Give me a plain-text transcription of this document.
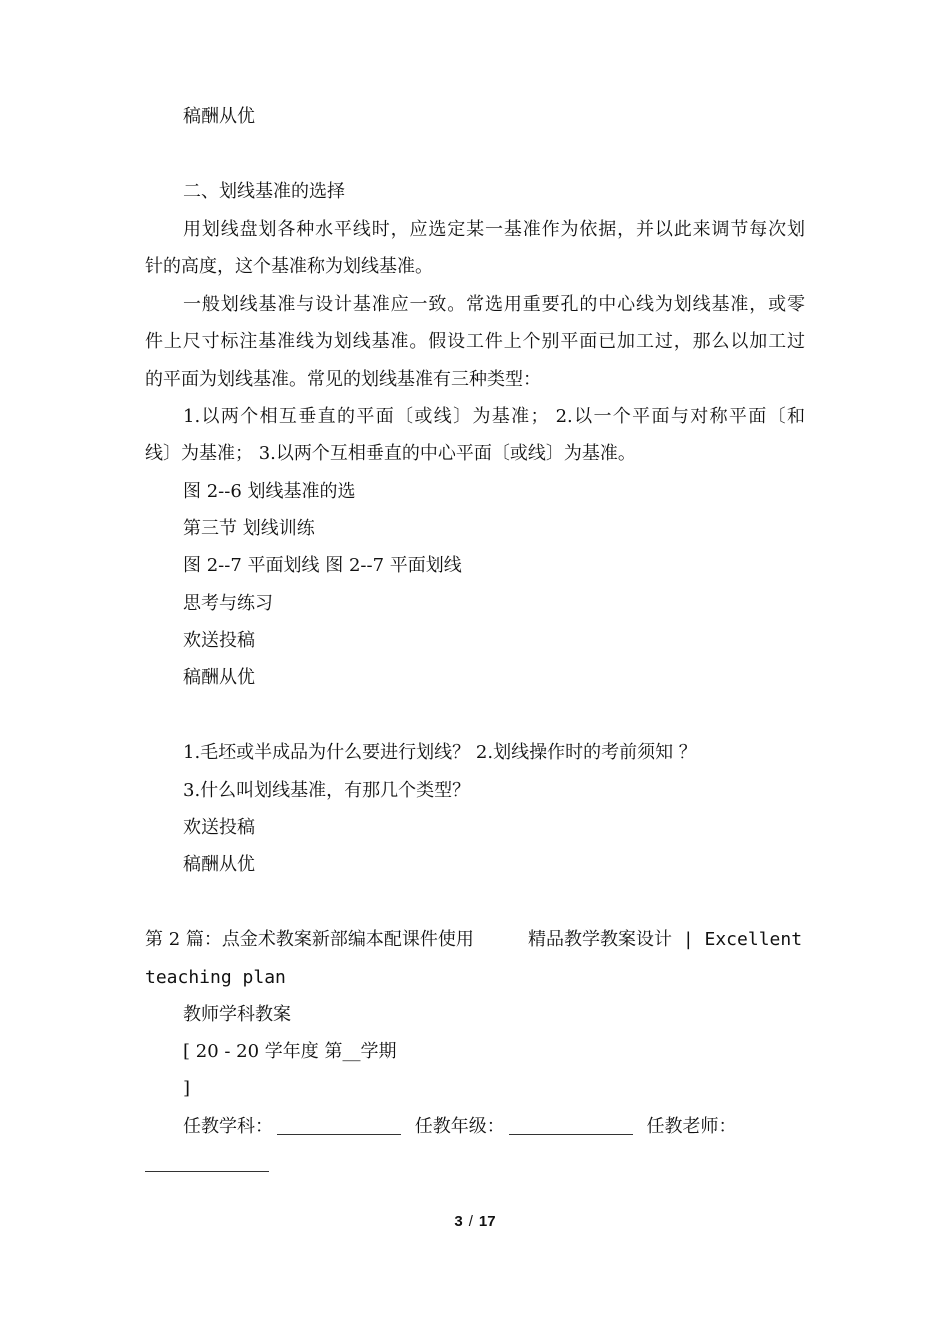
稿酬从优
二、划线基准的选择
用划线盘划各种水平线时，应选定某一基准作为依据，并以此来调节每次划
针的高度，这个基准称为划线基准。
一般划线基准与设计基准应一致。常选用重要孔的中心线为划线基准，或零
件上尺寸标注基准线为划线基准。假设工件上个别平面已加工过，那么以加工过
的平面为划线基准。常见的划线基准有三种类型：
1.以两个相互垂直的平面〔或线〕为基准； 2.以一个平面与对称平面〔和
线〕为基准； 3.以两个互相垂直的中心平面〔或线〕为基准。
图 2--6 划线基准的选
第三节 划线训练
图 2--7 平面划线 图 2--7 平面划线
思考与练习
欢送投稿
稿酬从优
1.毛坯或半成品为什么要进行划线？ 2.划线操作时的考前须知 ？
3.什么叫划线基准，有那几个类型？
欢送投稿
稿酬从优
第 2 篇：点金术教案新部编本配课件使用	精品教学教案设计 | Excellent
teaching plan
教师学科教案
[ 20 - 20 学年度 第__学期
]
任教学科：	任教年级：	任教老师：
3 / 17
